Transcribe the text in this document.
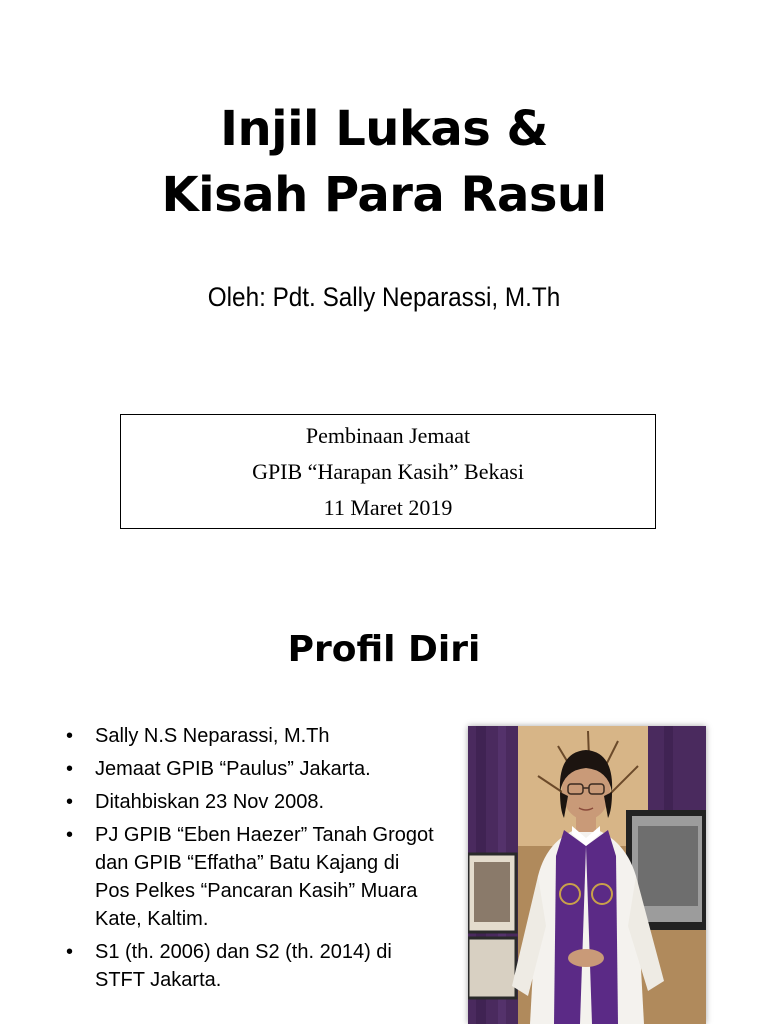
Injil Lukas &
Kisah Para Rasul
Oleh: Pdt. Sally Neparassi, M.Th
Pembinaan Jemaat
GPIB “Harapan Kasih” Bekasi
11 Maret 2019
Profil Diri
• Sally N.S Neparassi, M.Th
• Jemaat GPIB “Paulus” Jakarta.
• Ditahbiskan 23 Nov 2008.
• PJ GPIB “Eben Haezer” Tanah Grogot dan GPIB “Effatha” Batu Kajang di Pos Pelkes “Pancaran Kasih” Muara Kate, Kaltim.
• S1 (th. 2006) dan S2 (th. 2014) di STFT Jakarta.
